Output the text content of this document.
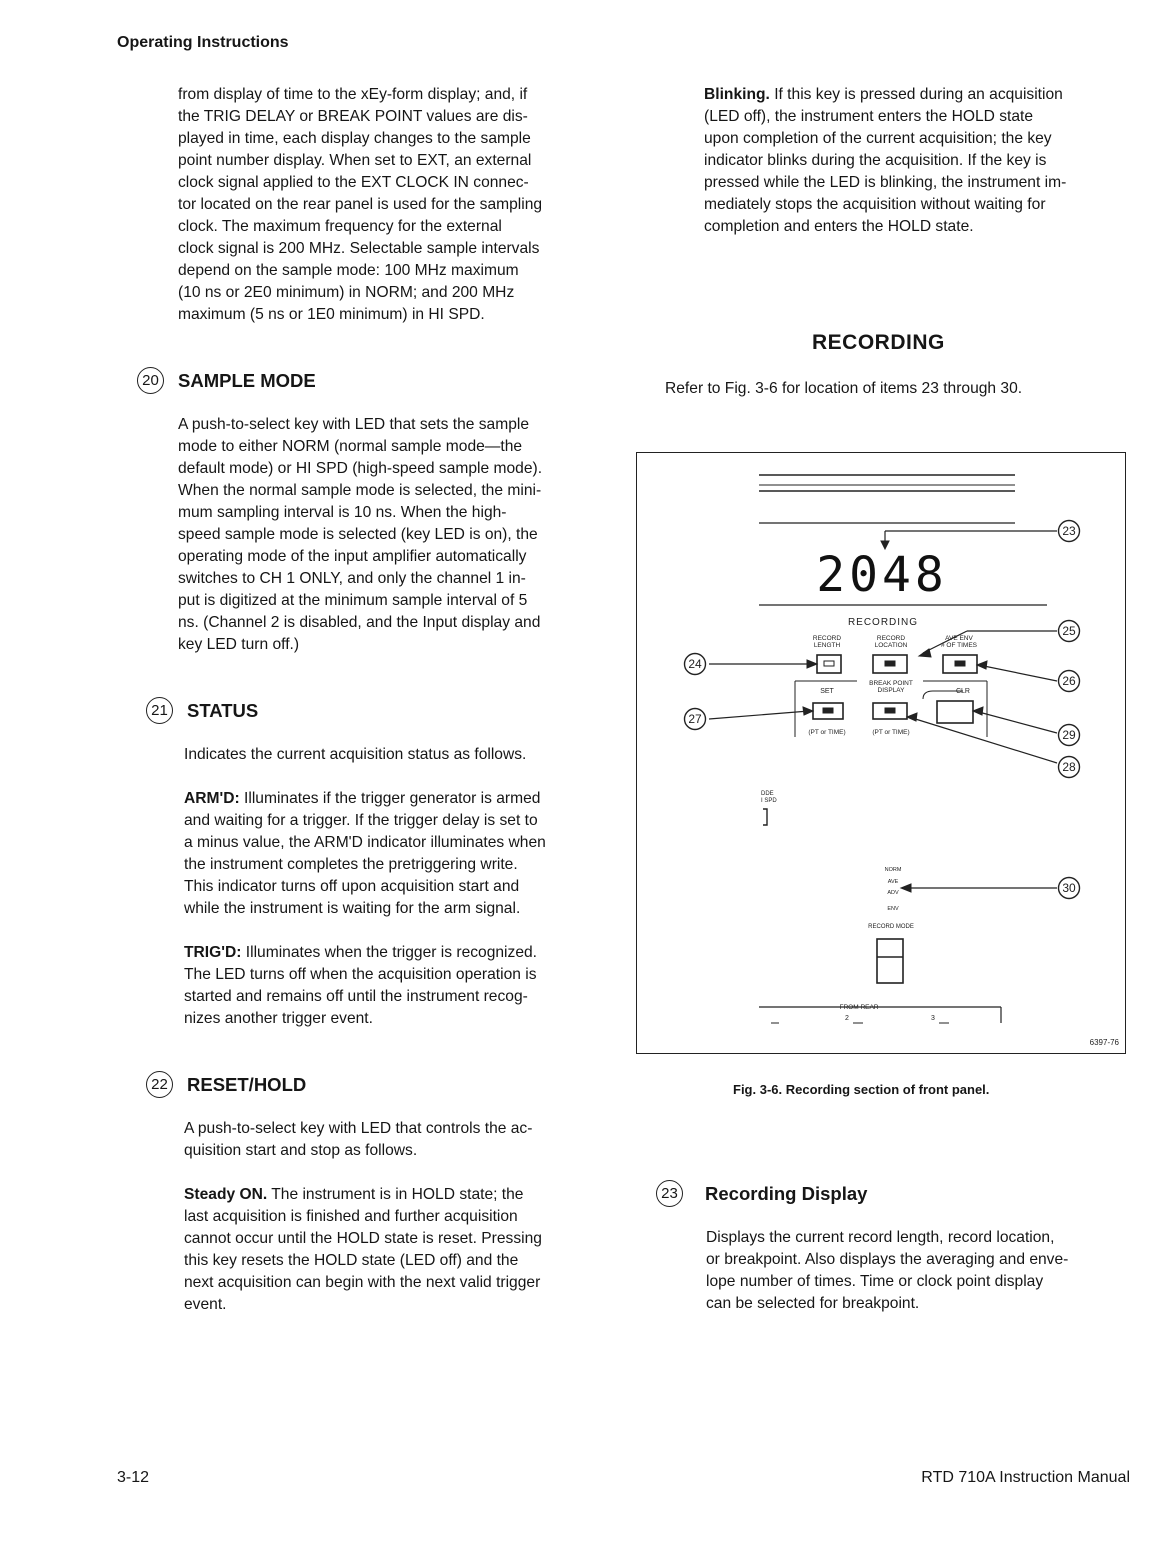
Operating Instructions
from display of time to the xEy-form display; and, if
the TRIG DELAY or BREAK POINT values are dis-
played in time, each display changes to the sample
point number display. When set to EXT, an external
clock signal applied to the EXT CLOCK IN connec-
tor located on the rear panel is used for the sampling
clock. The maximum frequency for the external
clock signal is 200 MHz. Selectable sample intervals
depend on the sample mode: 100 MHz maximum
(10 ns or 2E0 minimum) in NORM; and 200 MHz
maximum (5 ns or 1E0 minimum) in HI SPD.
20 SAMPLE MODE
A push-to-select key with LED that sets the sample
mode to either NORM (normal sample mode—the
default mode) or HI SPD (high-speed sample mode).
When the normal sample mode is selected, the mini-
mum sampling interval is 10 ns. When the high-
speed sample mode is selected (key LED is on), the
operating mode of the input amplifier automatically
switches to CH 1 ONLY, and only the channel 1 in-
put is digitized at the minimum sample interval of 5
ns. (Channel 2 is disabled, and the Input display and
key LED turn off.)
21 STATUS
Indicates the current acquisition status as follows.
ARM'D: Illuminates if the trigger generator is armed
and waiting for a trigger. If the trigger delay is set to
a minus value, the ARM'D indicator illuminates when
the instrument completes the pretriggering write.
This indicator turns off upon acquisition start and
while the instrument is waiting for the arm signal.
TRIG'D: Illuminates when the trigger is recognized.
The LED turns off when the acquisition operation is
started and remains off until the instrument recog-
nizes another trigger event.
22 RESET/HOLD
A push-to-select key with LED that controls the ac-
quisition start and stop as follows.
Steady ON. The instrument is in HOLD state; the
last acquisition is finished and further acquisition
cannot occur until the HOLD state is reset. Pressing
this key resets the HOLD state (LED off) and the
next acquisition can begin with the next valid trigger
event.
Blinking. If this key is pressed during an acquisition
(LED off), the instrument enters the HOLD state
upon completion of the current acquisition; the key
indicator blinks during the acquisition. If the key is
pressed while the LED is blinking, the instrument im-
mediately stops the acquisition without waiting for
completion and enters the HOLD state.
RECORDING
Refer to Fig. 3-6 for location of items 23 through 30.
2048
RECORDING
RECORD
LENGTH
RECORD
LOCATION
AVE ENV
# OF TIMES
BREAK POINT
DISPLAY
SET	CLR
(PT or TIME)	(PT or TIME)
DDE
I SPD
NORM
AVE
ADV
ENV
RECORD MODE
FROM REAR
2	3
23
24
25
26
27
28
29
30
6397-76
Fig. 3-6. Recording section of front panel.
23 Recording Display
Displays the current record length, record location,
or breakpoint. Also displays the averaging and enve-
lope number of times. Time or clock point display
can be selected for breakpoint.
3-12	RTD 710A Instruction Manual
